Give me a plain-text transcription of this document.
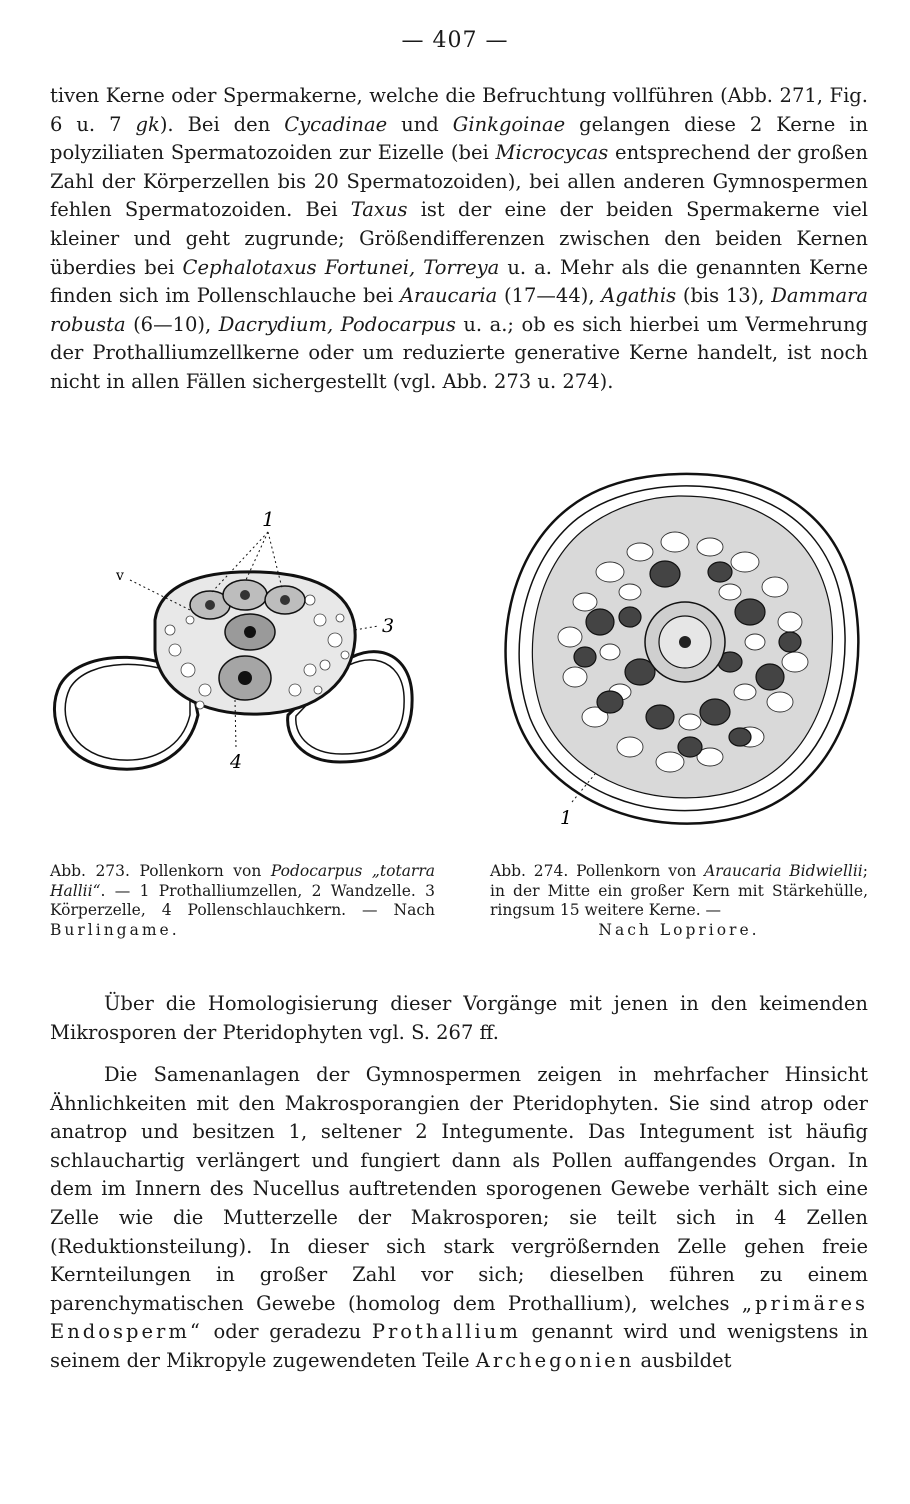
— 407 —

tiven Kerne oder Spermakerne, welche die Befruchtung vollführen (Abb. 271, Fig. 6 u. 7 gk). Bei den Cycadinae und Ginkgoinae gelangen diese 2 Kerne in polyziliaten Spermatozoiden zur Eizelle (bei Microcycas entsprechend der großen Zahl der Körperzellen bis 20 Spermatozoiden), bei allen anderen Gymnospermen fehlen Spermatozoiden. Bei Taxus ist der eine der beiden Spermakerne viel kleiner und geht zugrunde; Größendifferenzen zwischen den beiden Kernen überdies bei Cephalotaxus Fortunei, Torreya u. a. Mehr als die genannten Kerne finden sich im Pollenschlauche bei Araucaria (17—44), Agathis (bis 13), Dammara robusta (6—10), Dacrydium, Podocarpus u. a.; ob es sich hierbei um Vermehrung der Prothalliumzellkerne oder um reduzierte generative Kerne handelt, ist noch nicht in allen Fällen sichergestellt (vgl. Abb. 273 u. 274).

1
v
3
4
1

Abb. 273. Pollenkorn von Podocarpus „totarra Hallii“. — 1 Prothalliumzellen, 2 Wandzelle. 3 Körperzelle, 4 Pollenschlauchkern. — Nach Burlingame.

Abb. 274. Pollenkorn von Araucaria Bidwiellii; in der Mitte ein großer Kern mit Stärkehülle, ringsum 15 weitere Kerne. —
Nach Lopriore.

Über die Homologisierung dieser Vorgänge mit jenen in den keimenden Mikrosporen der Pteridophyten vgl. S. 267 ff.

Die Samenanlagen der Gymnospermen zeigen in mehrfacher Hinsicht Ähnlichkeiten mit den Makrosporangien der Pteridophyten. Sie sind atrop oder anatrop und besitzen 1, seltener 2 Integumente. Das Integument ist häufig schlauchartig verlängert und fungiert dann als Pollen auffangendes Organ. In dem im Innern des Nucellus auftretenden sporogenen Gewebe verhält sich eine Zelle wie die Mutterzelle der Makrosporen; sie teilt sich in 4 Zellen (Reduktionsteilung). In dieser sich stark vergrößernden Zelle gehen freie Kernteilungen in großer Zahl vor sich; dieselben führen zu einem parenchymatischen Gewebe (homolog dem Prothallium), welches „primäres Endosperm“ oder geradezu Prothallium genannt wird und wenigstens in seinem der Mikropyle zugewendeten Teile Archegonien ausbildet
